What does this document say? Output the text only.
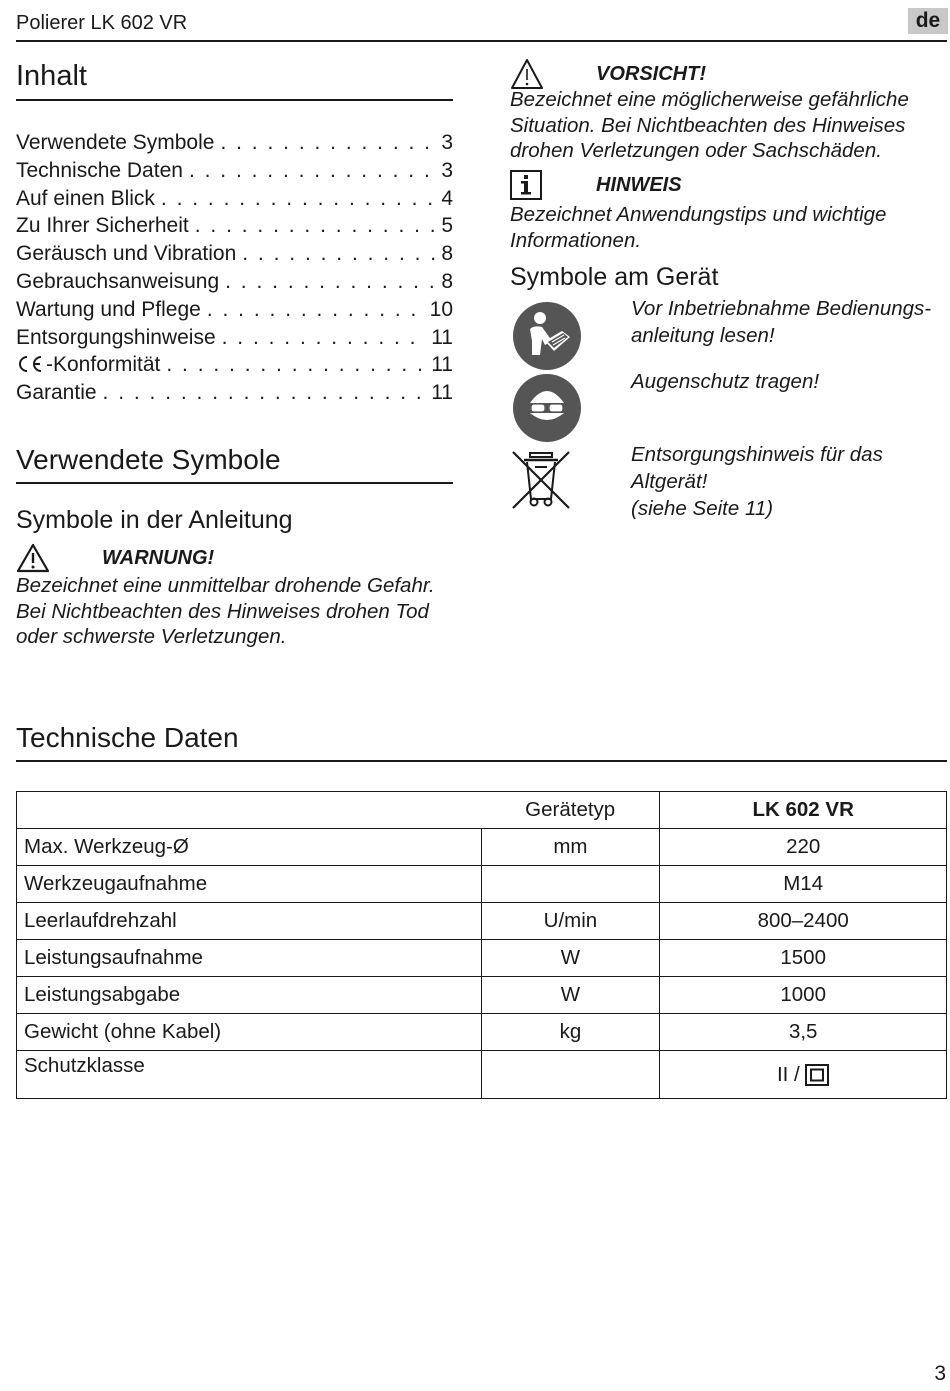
Polierer LK 602 VR	de
Inhalt
Verwendete Symbole . . .	3
Technische Daten . . .	3
Auf einen Blick . . .	4
Zu Ihrer Sicherheit . . .	5
Geräusch und Vibration . . .	8
Gebrauchsanweisung . . .	8
Wartung und Pflege . . .	10
Entsorgungshinweise . . .	11
-Konformität . . .	11
Garantie . . .	11
Verwendete Symbole
Symbole in der Anleitung
WARNUNG!
Bezeichnet eine unmittelbar drohende Gefahr. Bei Nichtbeachten des Hinweises drohen Tod oder schwerste Verletzungen.
VORSICHT!
Bezeichnet eine möglicherweise gefährliche Situation. Bei Nichtbeachten des Hinweises drohen Verletzungen oder Sachschäden.
HINWEIS
Bezeichnet Anwendungstips und wichtige Informationen.
Symbole am Gerät
Vor Inbetriebnahme Bedienungs-
anleitung lesen!
Augenschutz tragen!
Entsorgungshinweis für das
Altgerät!
(siehe Seite 11)
Technische Daten
	Gerätetyp	LK 602 VR
Max. Werkzeug-Ø	mm	220
Werkzeugaufnahme		M14
Leerlaufdrehzahl	U/min	800–2400
Leistungsaufnahme	W	1500
Leistungsabgabe	W	1000
Gewicht (ohne Kabel)	kg	3,5
Schutzklasse		II /
3
